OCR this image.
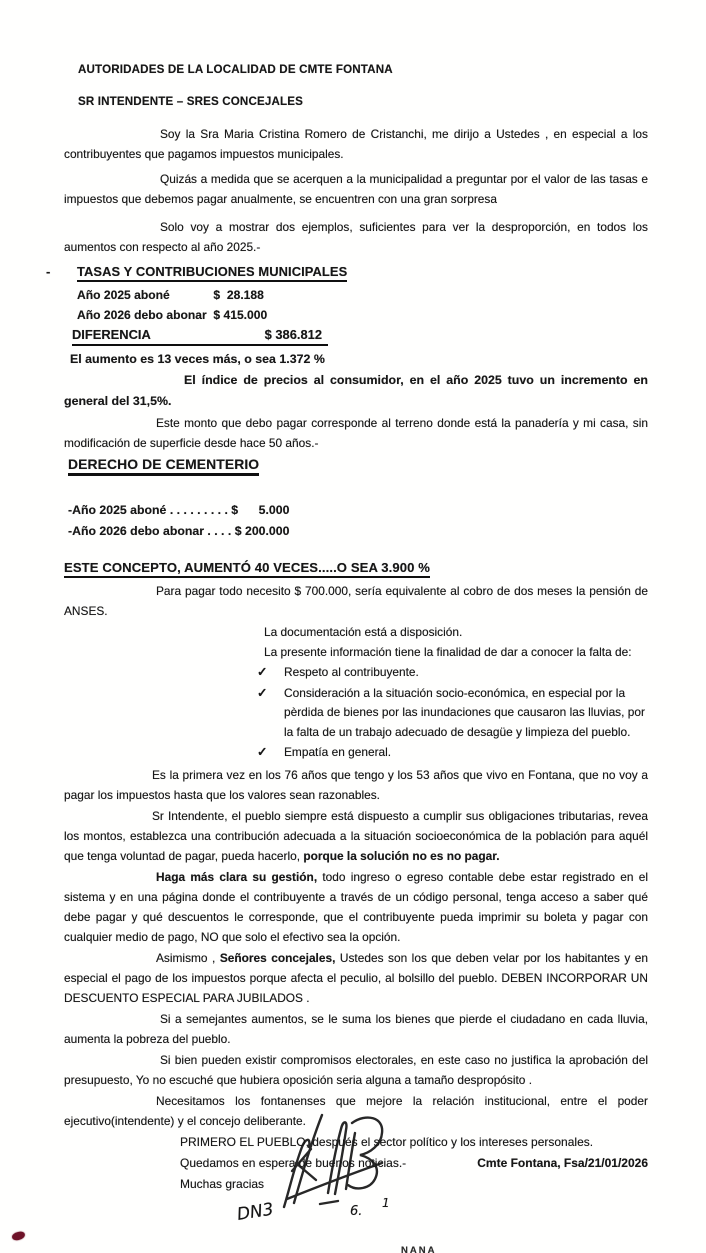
AUTORIDADES DE LA LOCALIDAD DE CMTE FONTANA
SR INTENDENTE – SRES CONCEJALES

Soy la Sra Maria Cristina Romero de Cristanchi, me dirijo a Ustedes , en especial a los contribuyentes que pagamos impuestos municipales.

Quizás a medida que se acerquen a la municipalidad a preguntar por el valor de las tasas e impuestos que debemos pagar anualmente, se encuentren con una gran sorpresa

Solo voy a mostrar dos ejemplos, suficientes para ver la desproporción, en todos los aumentos con respecto al año 2025.-

- TASAS Y CONTRIBUCIONES MUNICIPALES
Año 2025 aboné             $  28.188
Año 2026 debo abonar  $ 415.000
DIFERENCIA	$ 386.812
El aumento es 13 veces más, o sea 1.372 %

El índice de precios al consumidor, en el año 2025 tuvo un incremento en general del 31,5%.

Este monto que debo pagar corresponde al terreno donde está la panadería y mi casa, sin modificación de superficie desde hace 50 años.-

DERECHO DE CEMENTERIO
-Año 2025 aboné . . . . . . . . . $      5.000
-Año 2026 debo abonar . . . . $ 200.000
ESTE CONCEPTO, AUMENTÓ 40 VECES.....O SEA 3.900 %

Para pagar todo necesito $ 700.000, sería equivalente al cobro de dos meses la pensión de ANSES.

La documentación está a disposición.
La presente información tiene la finalidad de dar a conocer la falta de:
✓	Respeto al contribuyente.
✓	Consideración a la situación socio-económica, en especial por la pèrdida de bienes por las inundaciones que causaron las lluvias, por la falta de un trabajo adecuado de desagüe y limpieza del pueblo.
✓	Empatía en general.

Es la primera vez en los 76 años que tengo y los 53 años que vivo en Fontana, que no voy a pagar los impuestos hasta que los valores sean razonables.

Sr Intendente, el pueblo siempre está dispuesto a cumplir sus obligaciones tributarias, revea los montos, establezca una contribución adecuada a la situación socioeconómica de la población para aquél que tenga voluntad de pagar, pueda hacerlo, porque la solución no es no pagar.

Haga más clara su gestión, todo ingreso o egreso contable debe estar registrado en el sistema y en una página donde el contribuyente a través de un código personal, tenga acceso a saber qué debe pagar y qué descuentos le corresponde, que el contribuyente pueda imprimir su boleta y pagar con cualquier medio de pago, NO que solo el efectivo sea la opción.

Asimismo , Señores concejales, Ustedes son los que deben velar por los habitantes y en especial el pago de los impuestos porque afecta el peculio, al bolsillo del pueblo. DEBEN INCORPORAR UN DESCUENTO ESPECIAL PARA JUBILADOS .

Si a semejantes aumentos, se le suma los bienes que pierde el ciudadano en cada lluvia, aumenta la pobreza del pueblo.

Si bien pueden existir compromisos electorales, en este caso no justifica la aprobación del presupuesto, Yo no escuché que hubiera oposición seria alguna a tamaño despropósito .

Necesitamos los fontanenses que mejore la relación institucional, entre el poder ejecutivo(intendente) y el concejo deliberante.

PRIMERO EL PUEBLO, después el sector político y los intereses personales.
Quedamos en espera de buenos noticias.-	Cmte Fontana, Fsa/21/01/2026
Muchas gracias
DN3	6.
1
NANA
